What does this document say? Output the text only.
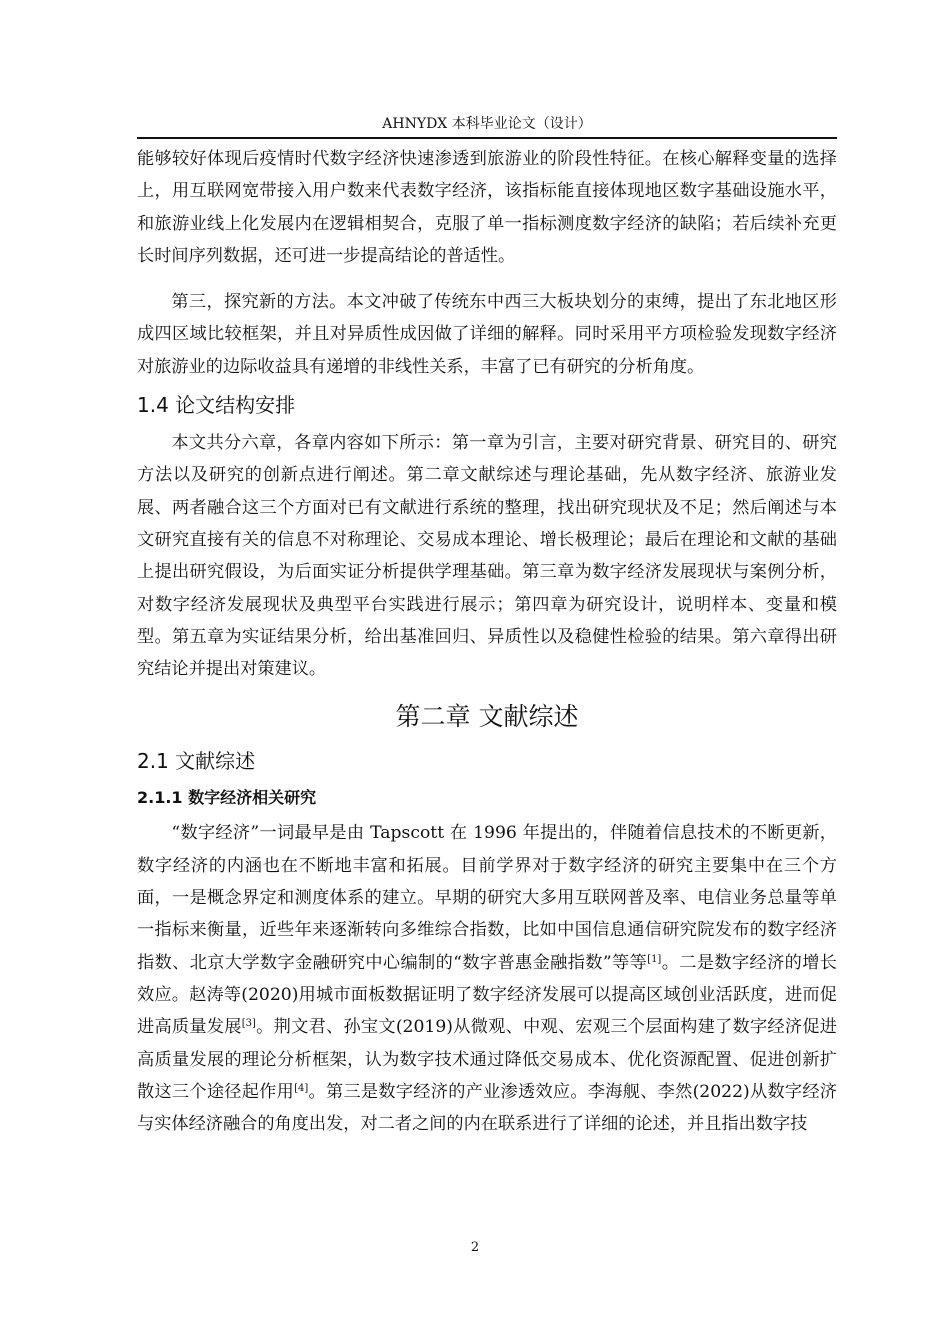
AHNYDX 本科毕业论文（设计）

能够较好体现后疫情时代数字经济快速渗透到旅游业的阶段性特征。在核心解释变量的选择上，用互联网宽带接入用户数来代表数字经济，该指标能直接体现地区数字基础设施水平，和旅游业线上化发展内在逻辑相契合，克服了单一指标测度数字经济的缺陷；若后续补充更长时间序列数据，还可进一步提高结论的普适性。

第三，探究新的方法。本文冲破了传统东中西三大板块划分的束缚，提出了东北地区形成四区域比较框架，并且对异质性成因做了详细的解释。同时采用平方项检验发现数字经济对旅游业的边际收益具有递增的非线性关系，丰富了已有研究的分析角度。

1.4 论文结构安排

本文共分六章，各章内容如下所示：第一章为引言，主要对研究背景、研究目的、研究方法以及研究的创新点进行阐述。第二章文献综述与理论基础，先从数字经济、旅游业发展、两者融合这三个方面对已有文献进行系统的整理，找出研究现状及不足；然后阐述与本文研究直接有关的信息不对称理论、交易成本理论、增长极理论；最后在理论和文献的基础上提出研究假设，为后面实证分析提供学理基础。第三章为数字经济发展现状与案例分析，对数字经济发展现状及典型平台实践进行展示；第四章为研究设计，说明样本、变量和模型。第五章为实证结果分析，给出基准回归、异质性以及稳健性检验的结果。第六章得出研究结论并提出对策建议。

第二章 文献综述
2.1 文献综述
2.1.1 数字经济相关研究

“数字经济”一词最早是由 Tapscott 在 1996 年提出的，伴随着信息技术的不断更新，数字经济的内涵也在不断地丰富和拓展。目前学界对于数字经济的研究主要集中在三个方面，一是概念界定和测度体系的建立。早期的研究大多用互联网普及率、电信业务总量等单一指标来衡量，近些年来逐渐转向多维综合指数，比如中国信息通信研究院发布的数字经济指数、北京大学数字金融研究中心编制的“数字普惠金融指数”等等[1]。二是数字经济的增长效应。赵涛等(2020)用城市面板数据证明了数字经济发展可以提高区域创业活跃度，进而促进高质量发展[3]。荆文君、孙宝文(2019)从微观、中观、宏观三个层面构建了数字经济促进高质量发展的理论分析框架，认为数字技术通过降低交易成本、优化资源配置、促进创新扩散这三个途径起作用[4]。第三是数字经济的产业渗透效应。李海舰、李然(2022)从数字经济与实体经济融合的角度出发，对二者之间的内在联系进行了详细的论述，并且指出数字技

2
